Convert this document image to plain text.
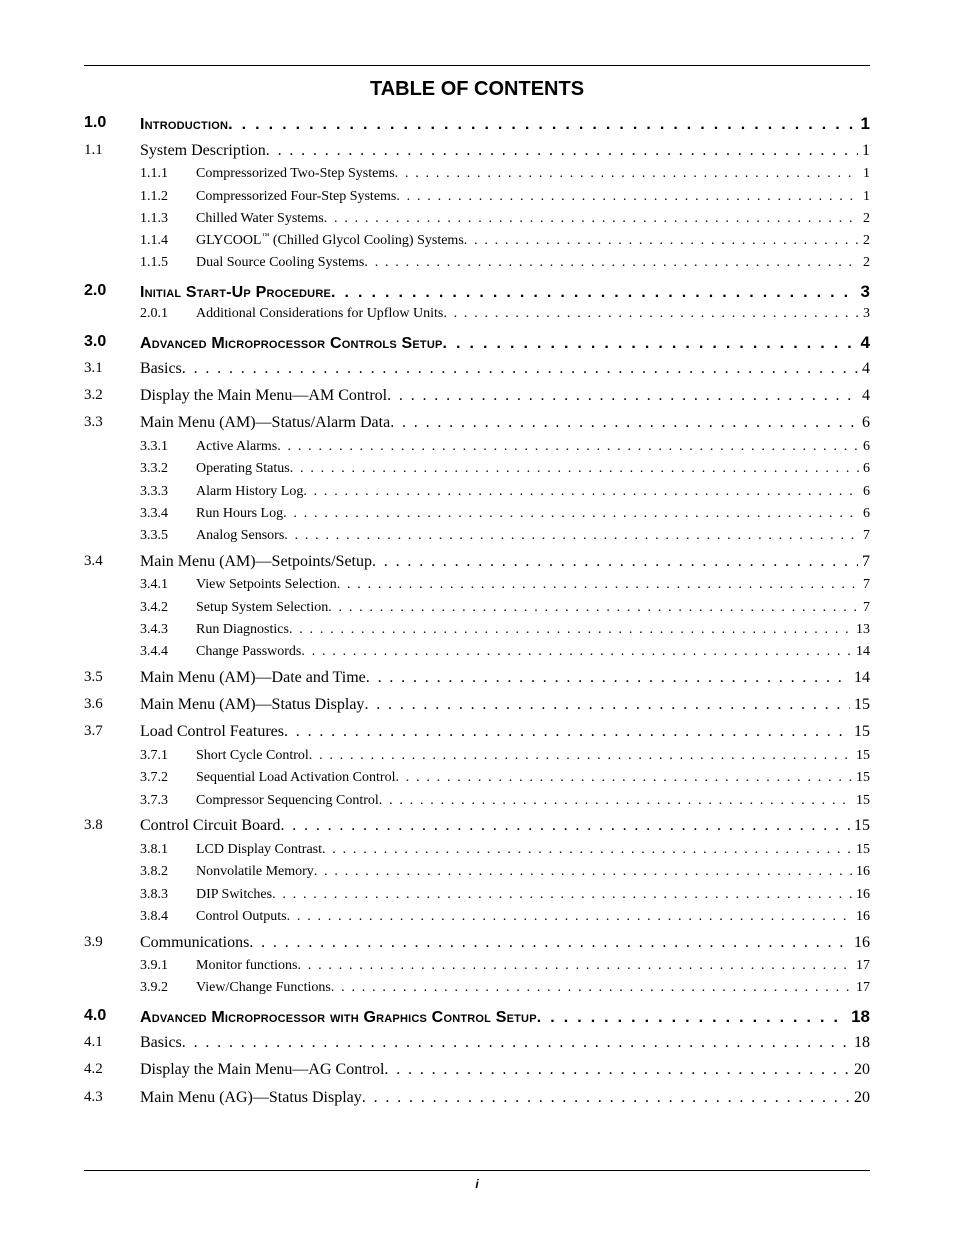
TABLE OF CONTENTS
1.0 Introduction . . .	1
1.1 System Description . . .	1
1.1.1 Compressorized Two-Step Systems . . .	1
1.1.2 Compressorized Four-Step Systems . . .	1
1.1.3 Chilled Water Systems . . .	2
1.1.4 GLYCOOL™ (Chilled Glycol Cooling) Systems . . .	2
1.1.5 Dual Source Cooling Systems . . .	2
2.0 Initial Start-Up Procedure . . .	3
2.0.1 Additional Considerations for Upflow Units . . .	3
3.0 Advanced Microprocessor Controls Setup . . .	4
3.1 Basics . . .	4
3.2 Display the Main Menu—AM Control . . .	4
3.3 Main Menu (AM)—Status/Alarm Data . . .	6
3.3.1 Active Alarms . . .	6
3.3.2 Operating Status . . .	6
3.3.3 Alarm History Log . . .	6
3.3.4 Run Hours Log . . .	6
3.3.5 Analog Sensors . . .	7
3.4 Main Menu (AM)—Setpoints/Setup . . .	7
3.4.1 View Setpoints Selection . . .	7
3.4.2 Setup System Selection . . .	7
3.4.3 Run Diagnostics . . .	13
3.4.4 Change Passwords . . .	14
3.5 Main Menu (AM)—Date and Time . . .	14
3.6 Main Menu (AM)—Status Display . . .	15
3.7 Load Control Features . . .	15
3.7.1 Short Cycle Control . . .	15
3.7.2 Sequential Load Activation Control . . .	15
3.7.3 Compressor Sequencing Control . . .	15
3.8 Control Circuit Board . . .	15
3.8.1 LCD Display Contrast . . .	15
3.8.2 Nonvolatile Memory . . .	16
3.8.3 DIP Switches . . .	16
3.8.4 Control Outputs . . .	16
3.9 Communications . . .	16
3.9.1 Monitor functions . . .	17
3.9.2 View/Change Functions . . .	17
4.0 Advanced Microprocessor with Graphics Control Setup . . .	18
4.1 Basics . . .	18
4.2 Display the Main Menu—AG Control . . .	20
4.3 Main Menu (AG)—Status Display . . .	20
i
